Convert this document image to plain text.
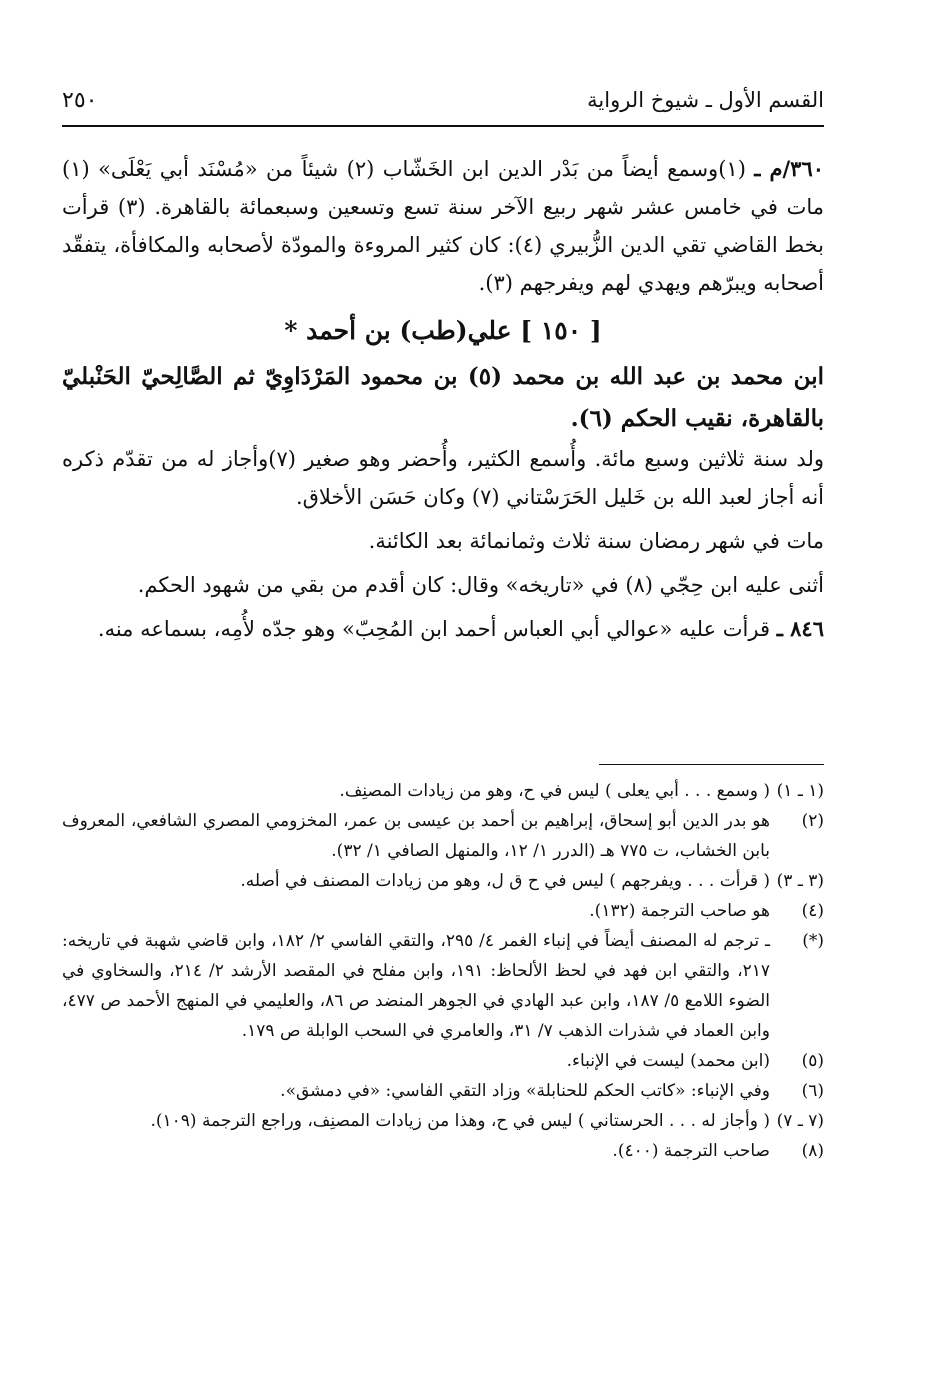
القسم الأول ـ شيوخ الرواية
٢٥٠

٣٦٠/م ـ (١)وسمع أيضاً من بَدْر الدين ابن الخَشّاب (٢) شيئاً من «مُسْنَد أبي يَعْلَى» (١) مات في خامس عشر شهر ربيع الآخر سنة تسع وتسعين وسبعمائة بالقاهرة. (٣) قرأت بخط القاضي تقي الدين الزُّبيري (٤): كان كثير المروءة والمودّة لأصحابه والمكافأة، يتفقّد أصحابه ويبرّهم ويهدي لهم ويفرجهم (٣).

[ ١٥٠ ] علي(طب) بن أحمد *

ابن محمد بن عبد الله بن محمد (٥) بن محمود المَرْدَاوِيّ ثم الصَّالِحيّ الحَنْبليّ بالقاهرة، نقيب الحكم (٦).

ولد سنة ثلاثين وسبع مائة. وأُسمع الكثير، وأُحضر وهو صغير (٧)وأجاز له من تقدّم ذكره أنه أجاز لعبد الله بن خَليل الحَرَسْتاني (٧) وكان حَسَن الأخلاق.

مات في شهر رمضان سنة ثلاث وثمانمائة بعد الكائنة.

أثنى عليه ابن حِجّي (٨) في «تاريخه» وقال: كان أقدم من بقي من شهود الحكم.

٨٤٦ ـ قرأت عليه «عوالي أبي العباس أحمد ابن المُحِبّ» وهو جدّه لأُمِه، بسماعه منه.

(١ ـ ١)
( وسمع . . . أبي يعلى ) ليس في ح، وهو من زيادات المصنِف.

(٢)
هو بدر الدين أبو إسحاق، إبراهيم بن أحمد بن عيسى بن عمر، المخزومي المصري الشافعي، المعروف بابن الخشاب، ت ٧٧٥ هـ (الدرر ١/ ١٢، والمنهل الصافي ١/ ٣٢).

(٣ ـ ٣)
( قرأت . . . ويفرجهم ) ليس في ح ق ل، وهو من زيادات المصنف في أصله.

(٤)
هو صاحب الترجمة (١٣٢).

(*)
ـ ترجم له المصنف أيضاً في إنباء الغمر ٤/ ٢٩٥، والتقي الفاسي ٢/ ١٨٢، وابن قاضي شهبة في تاريخه: ٢١٧، والتقي ابن فهد في لحظ الألحاظ: ١٩١، وابن مفلح في المقصد الأرشد ٢/ ٢١٤، والسخاوي في الضوء اللامع ٥/ ١٨٧، وابن عبد الهادي في الجوهر المنضد ص ٨٦، والعليمي في المنهج الأحمد ص ٤٧٧، وابن العماد في شذرات الذهب ٧/ ٣١، والعامري في السحب الوابلة ص ١٧٩.

(٥)
(ابن محمد) ليست في الإنباء.

(٦)
وفي الإنباء: «كاتب الحكم للحنابلة» وزاد التقي الفاسي: «في دمشق».

(٧ ـ ٧)
( وأجاز له . . . الحرستاني ) ليس في ح، وهذا من زيادات المصنِف، وراجع الترجمة (١٠٩).

(٨)
صاحب الترجمة (٤٠٠).
